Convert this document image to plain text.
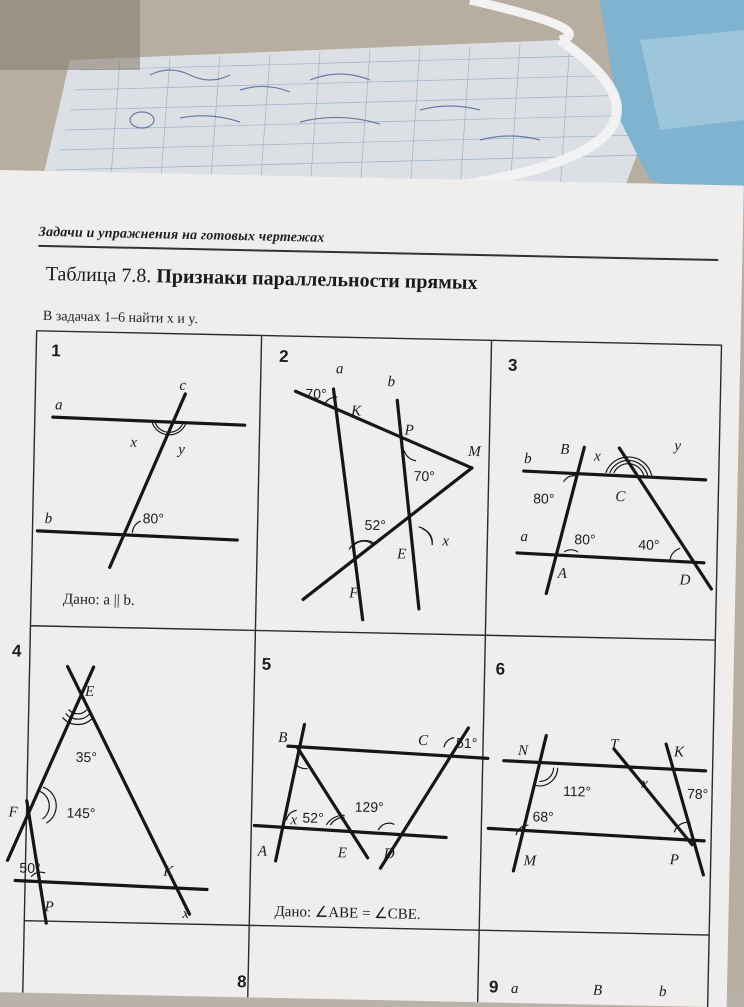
Задачи и упражнения на готовых чертежах
Таблица 7.8. Признаки параллельности прямых
В задачах 1–6 найти x и y.
1
a
b
c
x	y
80°
Дано: a || b.
2
a
b
K
P
M
E
F
x
70°
70°
52°
3
b
B x
y
C
a
A	D
80°
80°	40°
4
E
F
P
K
x
35°
145°
50°
5
B	C
A	E D
x
51°
52°
129°
Дано: ∠ABE = ∠CBE.
6
N	T	K
x
M	P
78°
112°
68°
8	9 a	B	b
